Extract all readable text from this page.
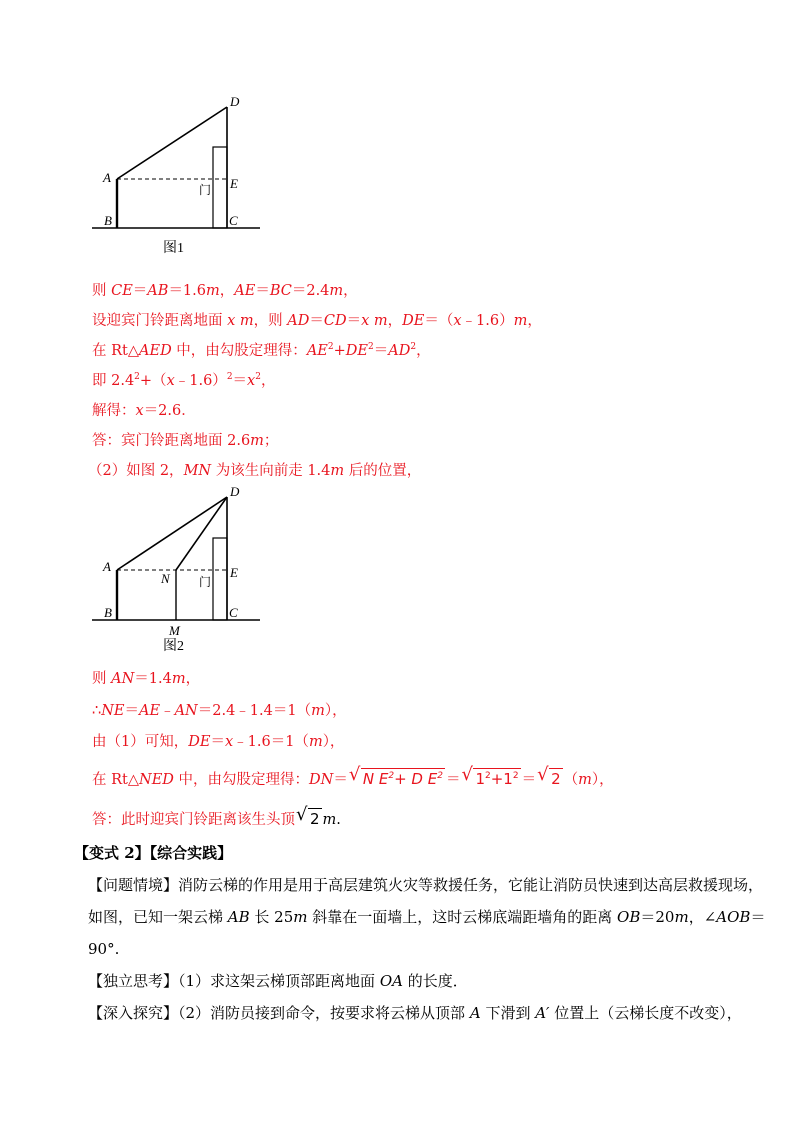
D
A	E
门
B	C
图1
则 CE＝AB＝1.6m，AE＝BC＝2.4m，
设迎宾门铃距离地面 x m，则 AD＝CD＝x m，DE＝（x﹣1.6）m，
在 Rt△AED 中，由勾股定理得：$AE^2+DE^2=AD^2$，
即 $2.4^2+(x﹣1.6)^2=x^2$，
解得：x＝2.6．
答：宾门铃距离地面 2.6m；
（2）如图 2，MN 为该生向前走 1.4m 后的位置，
D
A
N	E
门
B	C
M
图2
则 AN＝1.4m，
∴NE＝AE﹣AN＝2.4﹣1.4＝1（m），
由（1）可知，DE＝x﹣1.6＝1（m），
在 Rt△NED 中，由勾股定理得：DN＝ √ N $E^2+ D$ $E^2$ ＝ √ $1^2+1^2$ ＝ √ 2 （m），
答：此时迎宾门铃距离该生头顶 √ 2 m.
【变式 2】【综合实践】
【问题情境】消防云梯的作用是用于高层建筑火灾等救援任务，它能让消防员快速到达高层救援现场，
如图，已知一架云梯 AB 长 25m 斜靠在一面墙上，这时云梯底端距墙角的距离 OB＝20m，∠AOB＝
90°.
【独立思考】（1）求这架云梯顶部距离地面 OA 的长度．
【深入探究】（2）消防员接到命令，按要求将云梯从顶部 A 下滑到 A′ 位置上（云梯长度不改变），
